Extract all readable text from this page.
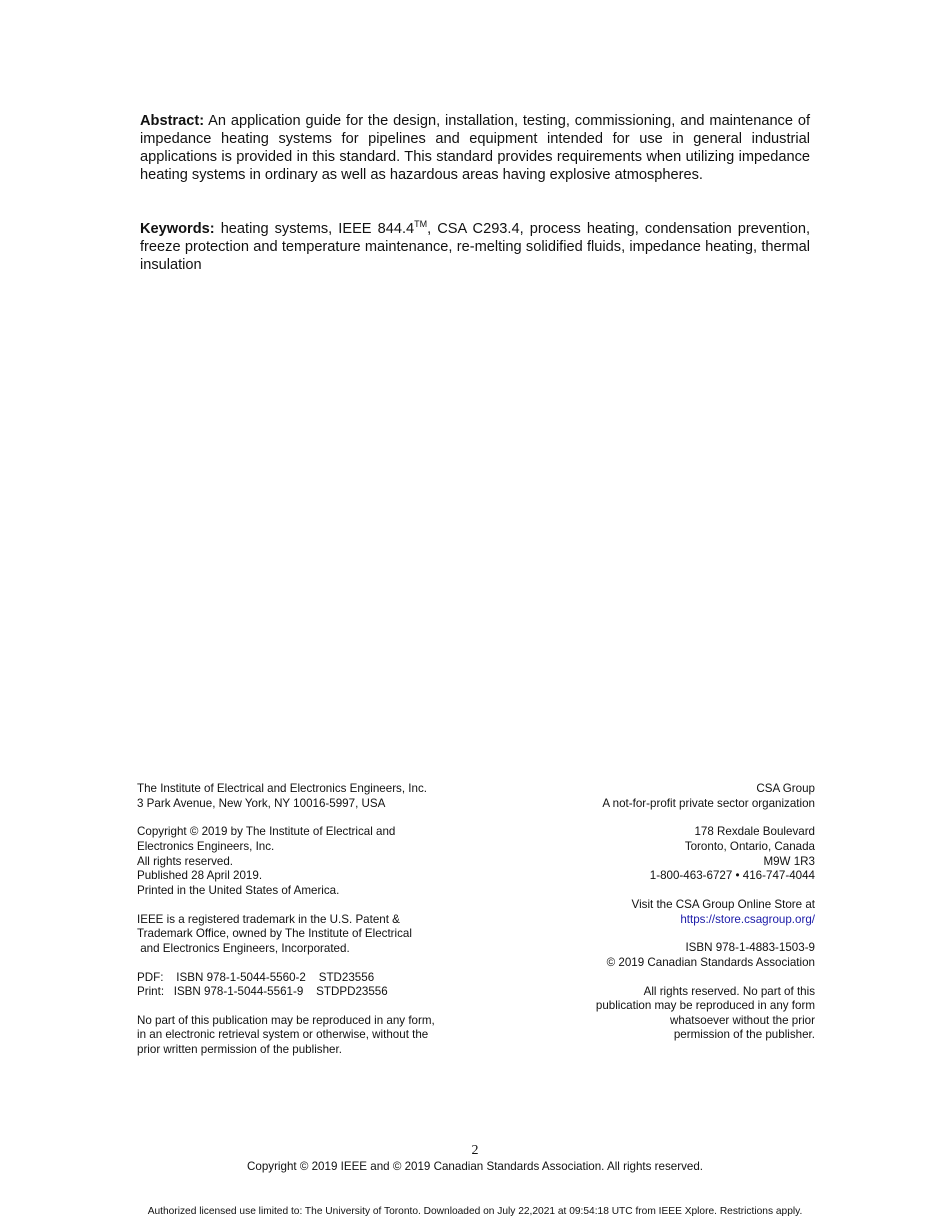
Abstract: An application guide for the design, installation, testing, commissioning, and maintenance of impedance heating systems for pipelines and equipment intended for use in general industrial applications is provided in this standard. This standard provides requirements when utilizing impedance heating systems in ordinary as well as hazardous areas having explosive atmospheres.
Keywords: heating systems, IEEE 844.4™, CSA C293.4, process heating, condensation prevention, freeze protection and temperature maintenance, re-melting solidified fluids, impedance heating, thermal insulation
The Institute of Electrical and Electronics Engineers, Inc.
3 Park Avenue, New York, NY 10016-5997, USA
Copyright © 2019 by The Institute of Electrical and
Electronics Engineers, Inc.
All rights reserved.
Published 28 April 2019.
Printed in the United States of America.
IEEE is a registered trademark in the U.S. Patent &
Trademark Office, owned by The Institute of Electrical
and Electronics Engineers, Incorporated.
PDF:    ISBN 978-1-5044-5560-2    STD23556
Print:   ISBN 978-1-5044-5561-9    STDPD23556
No part of this publication may be reproduced in any form,
in an electronic retrieval system or otherwise, without the
prior written permission of the publisher.
CSA Group
A not-for-profit private sector organization
178 Rexdale Boulevard
Toronto, Ontario, Canada
M9W 1R3
1-800-463-6727 • 416-747-4044
Visit the CSA Group Online Store at
https://store.csagroup.org/
ISBN 978-1-4883-1503-9
© 2019 Canadian Standards Association
All rights reserved. No part of this
publication may be reproduced in any form
whatsoever without the prior
permission of the publisher.
2
Copyright © 2019 IEEE and © 2019 Canadian Standards Association. All rights reserved.
Authorized licensed use limited to: The University of Toronto. Downloaded on July 22,2021 at 09:54:18 UTC from IEEE Xplore. Restrictions apply.
